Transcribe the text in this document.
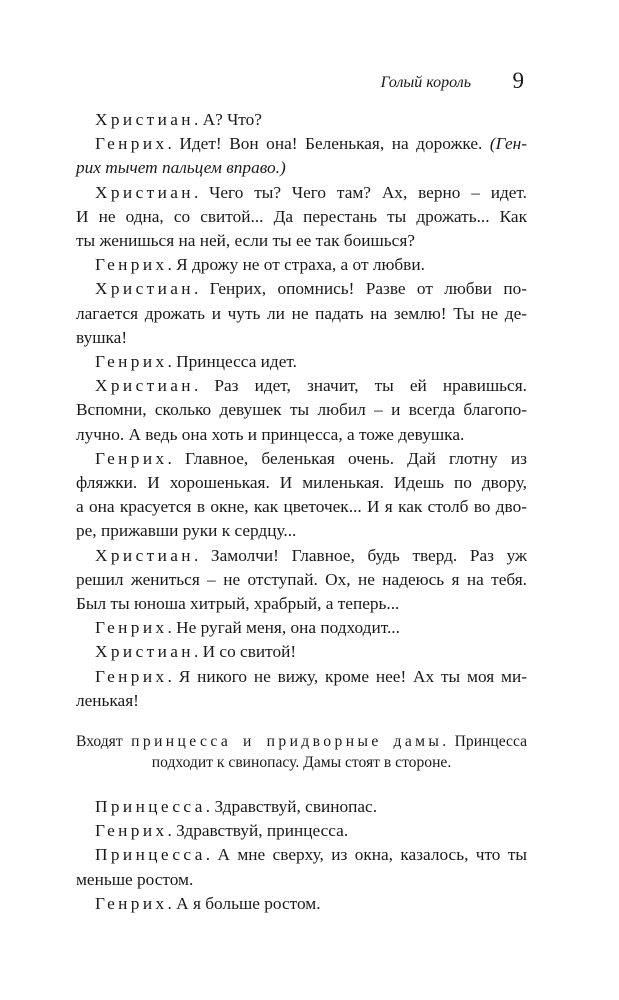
Голый король 9
Христиан. А? Что?
Генрих. Идет! Вон она! Беленькая, на дорожке. (Ген-
рих тычет пальцем вправо.)
Христиан. Чего ты? Чего там? Ах, верно – идет.
И не одна, со свитой... Да перестань ты дрожать... Как
ты женишься на ней, если ты ее так боишься?
Генрих. Я дрожу не от страха, а от любви.
Христиан. Генрих, опомнись! Разве от любви по-
лагается дрожать и чуть ли не падать на землю! Ты не де-
вушка!
Генрих. Принцесса идет.
Христиан. Раз идет, значит, ты ей нравишься.
Вспомни, сколько девушек ты любил – и всегда благопо-
лучно. А ведь она хоть и принцесса, а тоже девушка.
Генрих. Главное, беленькая очень. Дай глотну из
фляжки. И хорошенькая. И миленькая. Идешь по двору,
а она красуется в окне, как цветочек... И я как столб во дво-
ре, прижавши руки к сердцу...
Христиан. Замолчи! Главное, будь тверд. Раз уж
решил жениться – не отступай. Ох, не надеюсь я на тебя.
Был ты юноша хитрый, храбрый, а теперь...
Генрих. Не ругай меня, она подходит...
Христиан. И со свитой!
Генрих. Я никого не вижу, кроме нее! Ах ты моя ми-
ленькая!
Входят принцесса и придворные дамы. Принцесса
подходит к свинопасу. Дамы стоят в стороне.
Принцесса. Здравствуй, свинопас.
Генрих. Здравствуй, принцесса.
Принцесса. А мне сверху, из окна, казалось, что ты
меньше ростом.
Генрих. А я больше ростом.
